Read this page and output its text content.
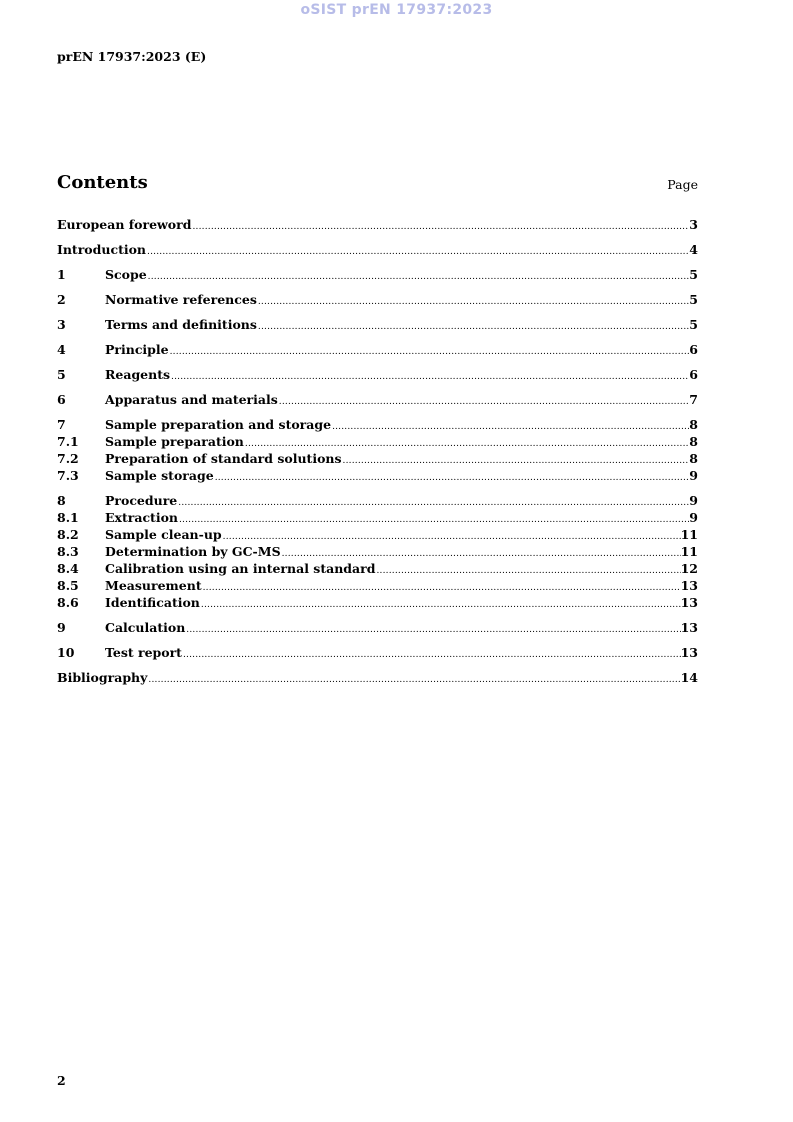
oSIST prEN 17937:2023
prEN 17937:2023 (E)
Contents	Page
European foreword .....	3
Introduction .....	4
1	Scope .....	5
2	Normative references .....	5
3	Terms and definitions .....	5
4	Principle .....	6
5	Reagents .....	6
6	Apparatus and materials .....	7
7	Sample preparation and storage .....	8
7.1	Sample preparation .....	8
7.2	Preparation of standard solutions .....	8
7.3	Sample storage .....	9
8	Procedure .....	9
8.1	Extraction .....	9
8.2	Sample clean-up .....	11
8.3	Determination by GC-MS .....	11
8.4	Calibration using an internal standard .....	12
8.5	Measurement .....	13
8.6	Identification .....	13
9	Calculation .....	13
10	Test report .....	13
Bibliography .....	14
2
